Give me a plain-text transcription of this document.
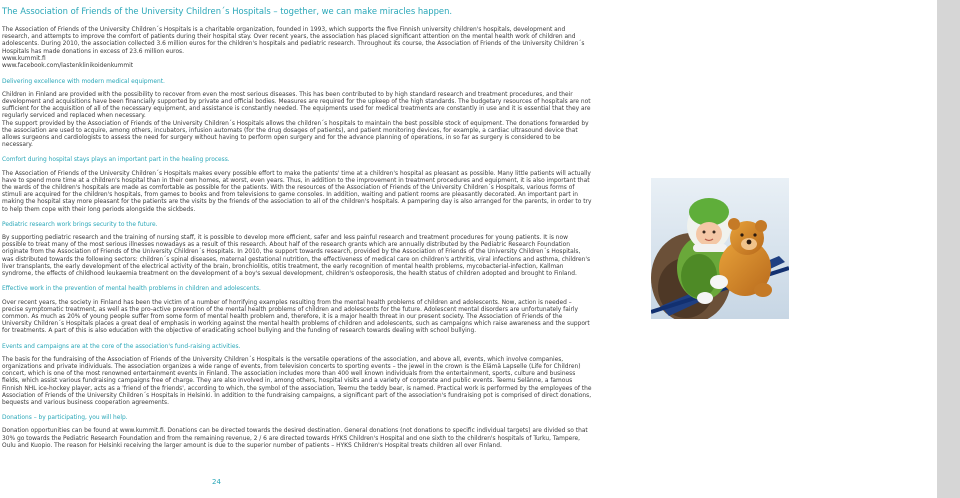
The Association of Friends of the University Children´s Hospitals – together, we can make miracles happen.

The Association of Friends of the University Children´s Hospitals is a charitable organization, founded in 1993, which supports the five Finnish university children's hospitals, development and research, and attempts to improve the comfort of patients during their hospital stay. Over recent years, the association has placed significant attention on the mental health work of children and adolescents. During 2010, the association collected 3.6 million euros for the children's hospitals and pediatric research. Throughout its course, the Association of Friends of the University Children´s Hospitals has made donations in excess of 23.6 million euros.

www.kummit.fi

www.facebook.com/lastenklinikoidenkummit

Delivering excellence with modern medical equipment.

Children in Finland are provided with the possibility to recover from even the most serious diseases. This has been contributed to by high standard research and treatment procedures, and their development and acquisitions have been financially supported by private and official bodies. Measures are required for the upkeep of the high standards. The budgetary resources of hospitals are not sufficient for the acquisition of all of the necessary equipment, and assistance is constantly needed. The equipments used for medical treatments are constantly in use and it is essential that they are regularly serviced and replaced when necessary.

The support provided by the Association of Friends of the University Children´s Hospitals allows the children´s hospitals to maintain the best possible stock of equipment. The donations forwarded by the association are used to acquire, among others, incubators, infusion automats (for the drug dosages of patients), and patient monitoring devices, for example, a cardiac ultrasound device that allows surgeons and cardiologists to assess the need for surgery without having to perform open surgery and for the advance planning of operations, in so far as surgery is considered to be necessary.

Comfort during hospital stays plays an important part in the healing process.

The Association of Friends of the University Children´s Hospitals makes every possible effort to make the patients' time at a children's hospital as pleasant as possible. Many little patients will actually have to spend more time at a children's hospital than in their own homes, at worst, even years. Thus, in addition to the improvement in treatment procedures and equipment, it is also important that the wards of the children's hospitals are made as comfortable as possible for the patients. With the resources of the Association of Friends of the University Children´s Hospitals, various forms of stimuli are acquired for the children's hospitals, from games to books and from televisions to game consoles. In addition, waiting and patient rooms are pleasantly decorated. An important part in making the hospital stay more pleasant for the patients are the visits by the friends of the association to all of the children's hospitals. A pampering day is also arranged for the parents, in order to try to help them cope with their long periods alongside the sickbeds.

Pediatric research work brings security to the future.

By supporting pediatric research and the training of nursing staff, it is possible to develop more efficient, safer and less painful research and treatment procedures for young patients. It is now possible to treat many of the most serious illnesses nowadays as a result of this research. About half of the research grants which are annually distributed by the Pediatric Research Foundation originate from the Association of Friends of the University Children´s Hospitals. In 2010, the support towards research, provided by the Association of Friends of the University Children´s Hospitals, was distributed towards the following sectors: children´s spinal diseases, maternal gestational nutrition, the effectiveness of medical care on children's arthritis, viral infections and asthma, children's liver transplants, the early development of the electrical activity of the brain, bronchiolitis, otitis treatment, the early recognition of mental health problems, mycobacterial-infection, Kallman syndrome, the effects of childhood leukaemia treatment on the development of a boy's sexual development, children's osteoporosis, the health status of children adopted and brought to Finland.

Effective work in the prevention of mental health problems in children and adolescents.

Over recent years, the society in Finland has been the victim of a number of horrifying examples resulting from the mental health problems of children and adolescents. Now, action is needed – precise symptomatic treatment, as well as the pro-active prevention of the mental health problems of children and adolescents for the future. Adolescent mental disorders are unfortunately fairly common. As much as 20% of young people suffer from some form of mental health problem and, therefore, it is a major health threat in our present society. The Association of Friends of the University Children´s Hospitals places a great deal of emphasis in working against the mental health problems of children and adolescents, such as campaigns which raise awareness and the support for treatments. A part of this is also education with the objective of eradicating school bullying and the funding of research towards dealing with school bullying.

Events and campaigns are at the core of the association's fund-raising activities.

The basis for the fundraising of the Association of Friends of the University Children´s Hospitals is the versatile operations of the association, and above all, events, which involve companies, organizations and private individuals. The association organizes a wide range of events, from television concerts to sporting events – the jewel in the crown is the Elämä Lapselle (Life for Children) concert, which is one of the most renowned entertainment events in Finland. The association includes more than 400 well known individuals from the entertainment, sports, culture and business fields, which assist various fundraising campaigns free of charge. They are also involved in, among others, hospital visits and a variety of corporate and public events. Teemu Selänne, a famous Finnish NHL ice-hockey player, acts as a 'friend of the friends', according to which, the symbol of the association, Teemu the teddy bear, is named. Practical work is performed by the employees of the Association of Friends of the University Children´s Hospitals in Helsinki. In addition to the fundraising campaigns, a significant part of the association's fundraising pot is comprised of direct donations, bequests and various business cooperation agreements.

Donations – by participating, you will help.

Donation opportunities can be found at www.kummit.fi. Donations can be directed towards the desired destination. General donations (not donations to specific individual targets) are divided so that 30% go towards the Pediatric Research Foundation and from the remaining revenue, 2 / 6 are directed towards HYKS Children's Hospital and one sixth to the children's hospitals of Turku, Tampere, Oulu and Kuopio. The reason for Helsinki receiving the larger amount is due to the superior number of patients – HYKS Children's Hospital treats children all over Finland.

24
